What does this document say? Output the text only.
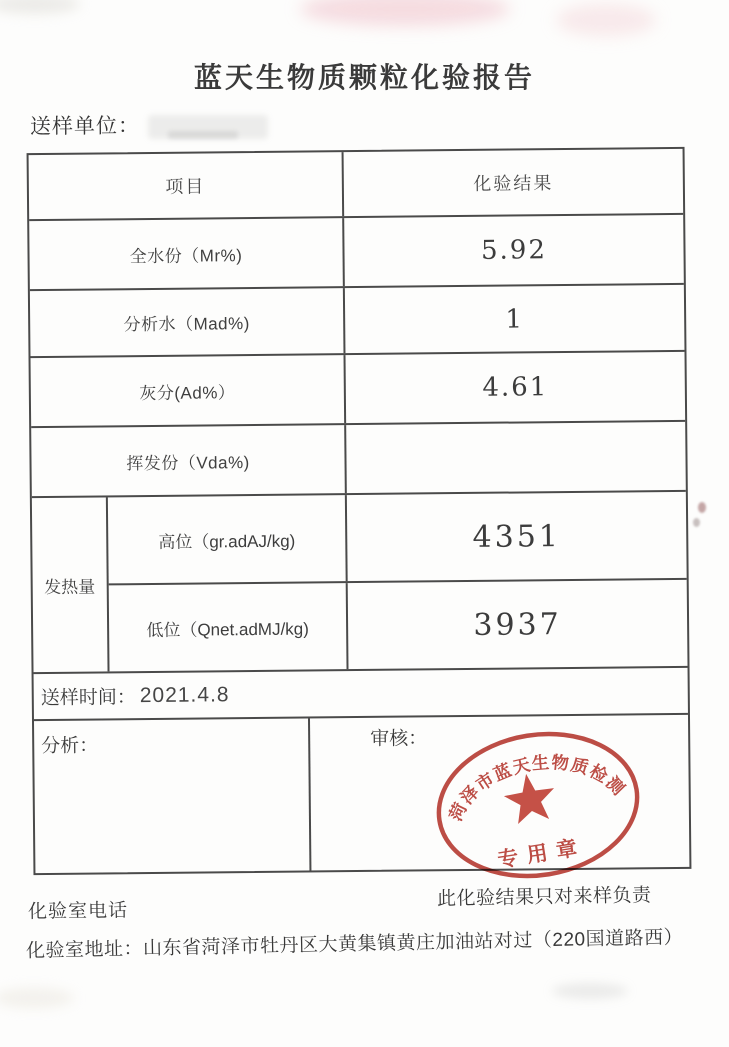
蓝天生物质颗粒化验报告
送样单位：
项目	化验结果
全水份（Mr%)	5.92
分析水（Mad%)	1
灰分(Ad%）	4.61
挥发份（Vda%)
发热量
高位（gr.adAJ/kg)	4351
低位（Qnet.adMJ/kg)	3937
送样时间： 2021.4.8
分析：	审核：
菏泽市蓝天生物质检测
专用章
化验室电话
此化验结果只对来样负责
化验室地址：山东省菏泽市牡丹区大黄集镇黄庄加油站对过（220国道路西）
